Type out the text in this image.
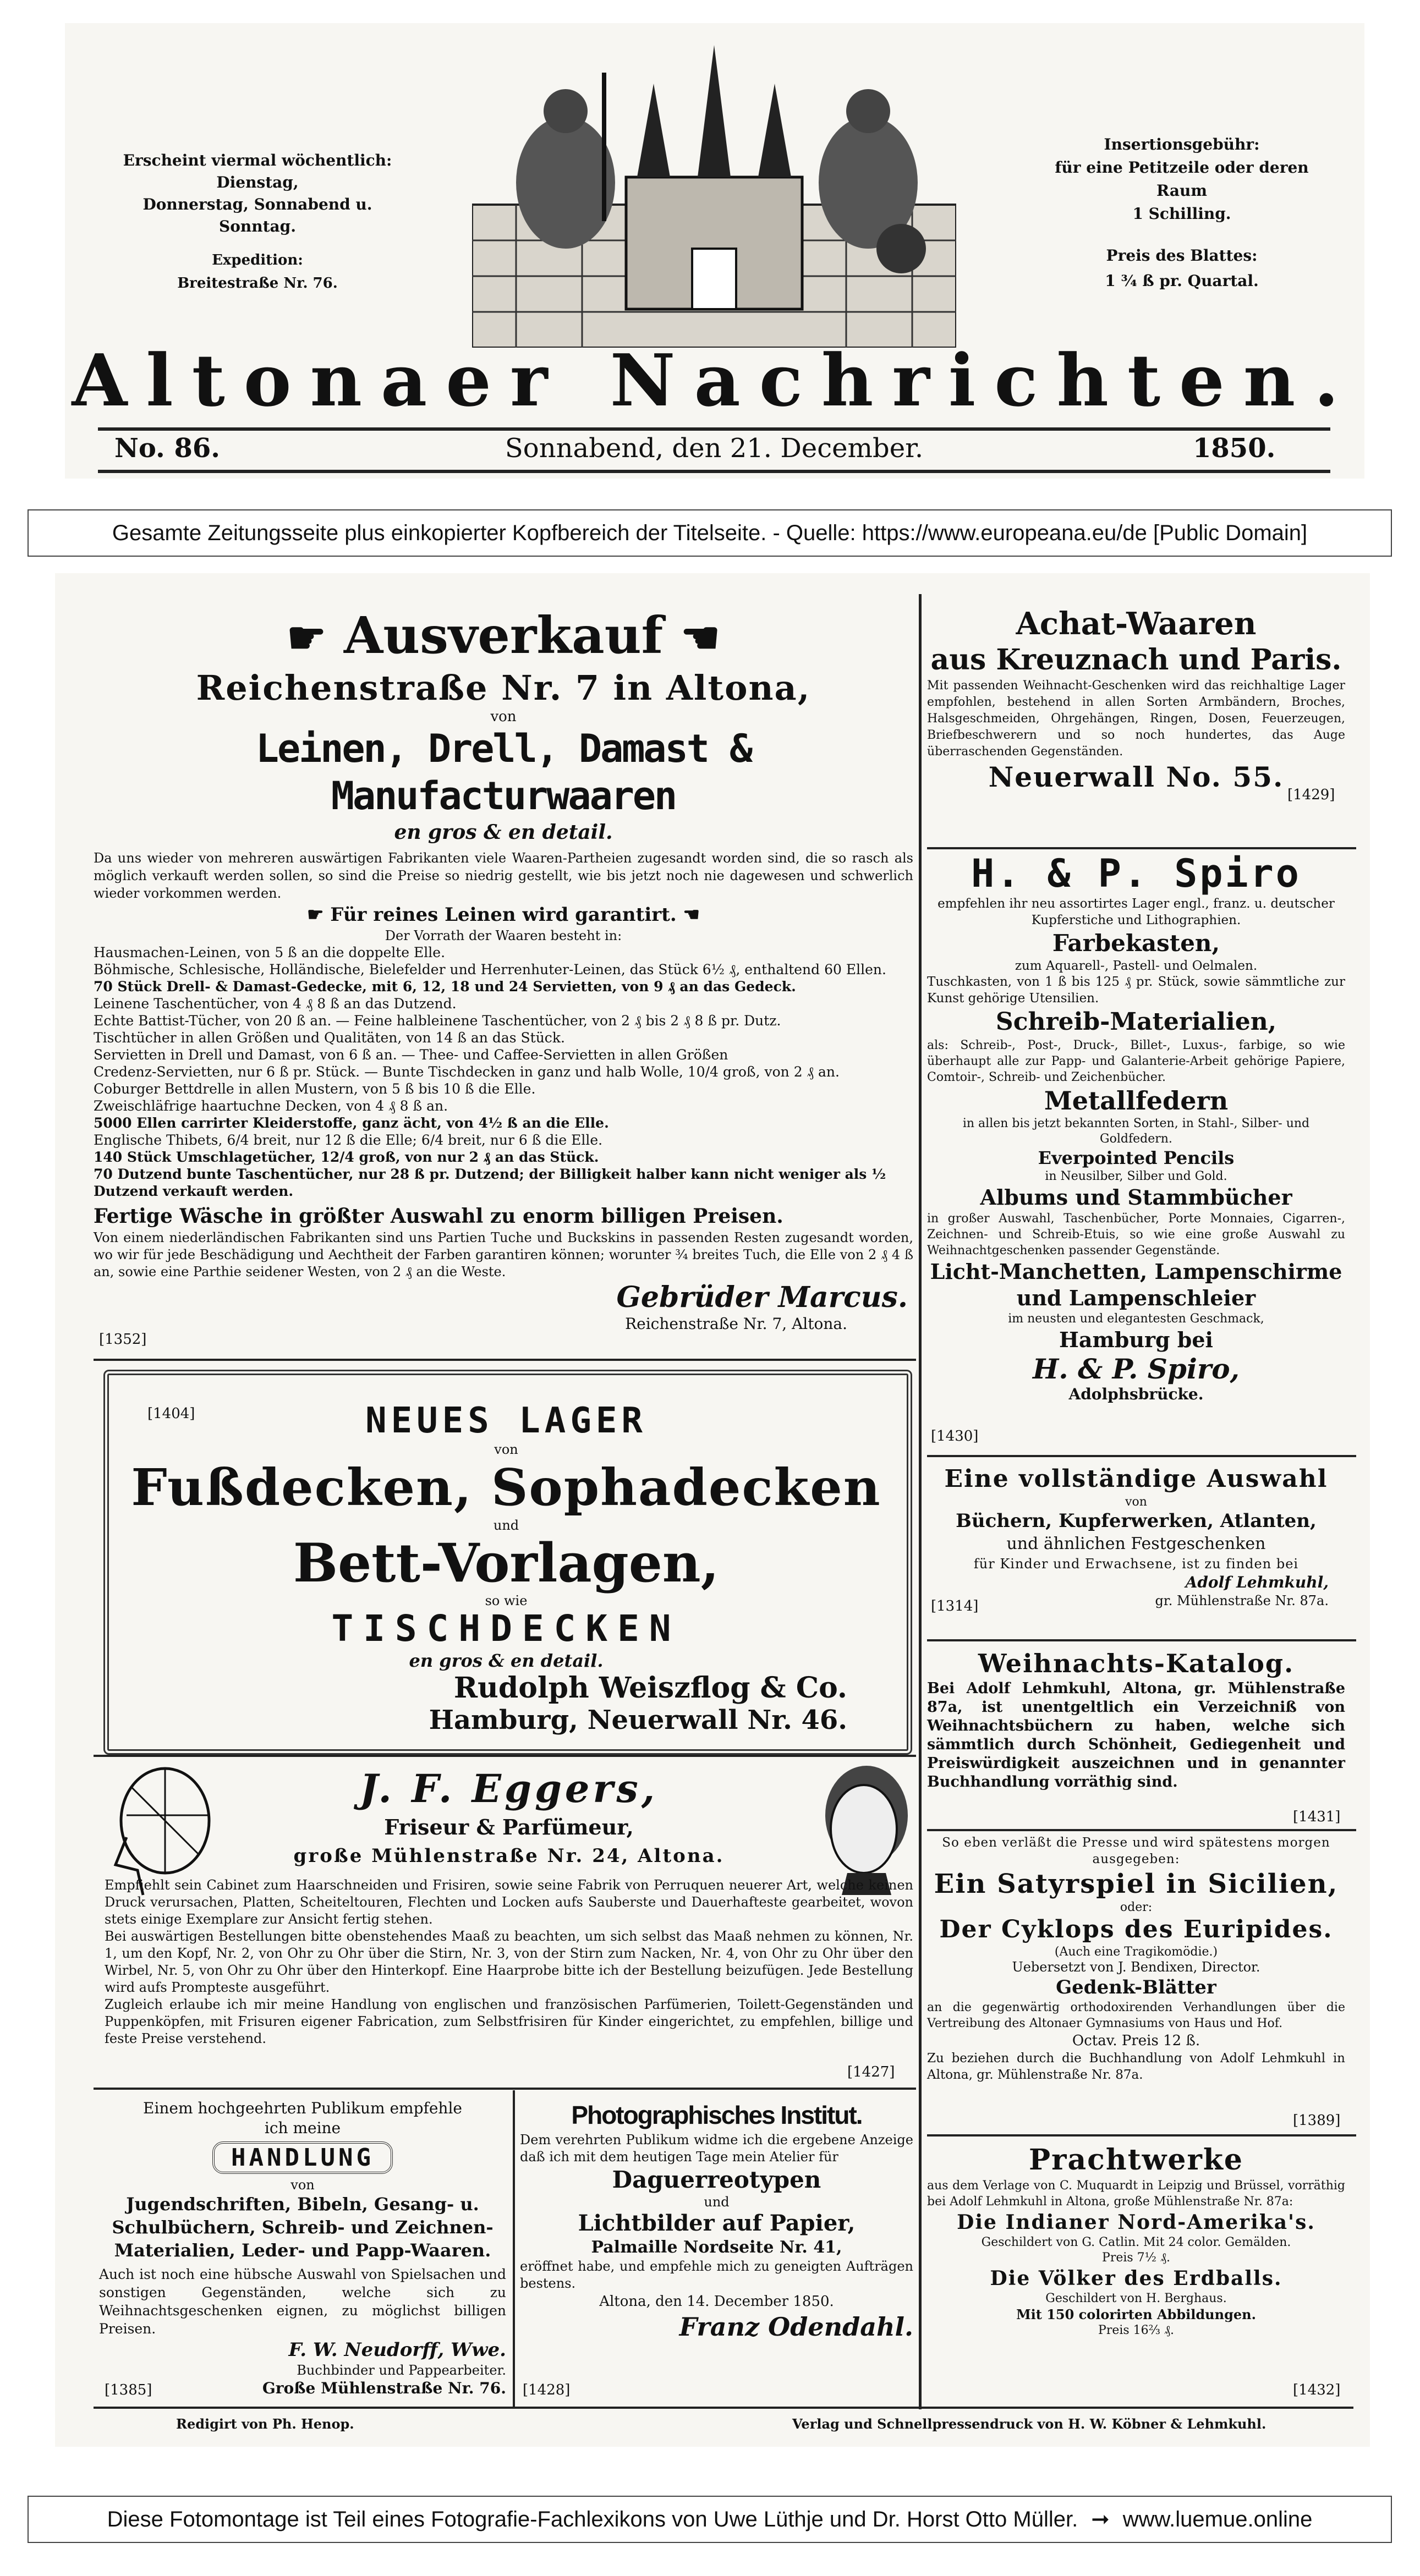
Erscheint viermal wöchentlich:
Dienstag,
Donnerstag, Sonnabend u. Sonntag.
Expedition:
Breitestraße Nr. 76.
Insertionsgebühr:
für eine Petitzeile oder deren Raum
1 Schilling.
Preis des Blattes:
1 ¾ ß pr. Quartal.
Altonaer Nachrichten.
No. 86.	Sonnabend, den 21. December.	1850.
Gesamte Zeitungsseite plus einkopierter Kopfbereich der Titelseite. - Quelle: https://www.europeana.eu/de [Public Domain]
☛ Ausverkauf ☚
Reichenstraße Nr. 7 in Altona,
von
Leinen, Drell, Damast & Manufacturwaaren
en gros & en detail.

Da uns wieder von mehreren auswärtigen Fabrikanten viele Waaren-Partheien zugesandt worden sind, die so rasch als möglich verkauft werden sollen, so sind die Preise so niedrig gestellt, wie bis jetzt noch nie dagewesen und schwerlich wieder vorkommen werden.

☛ Für reines Leinen wird garantirt. ☚
Der Vorrath der Waaren besteht in:
Hausmachen-Leinen, von 5 ß an die doppelte Elle.
Böhmische, Schlesische, Holländische, Bielefelder und Herrenhuter-Leinen, das Stück 6½ ₰, enthaltend 60 Ellen.
70 Stück Drell- & Damast-Gedecke, mit 6, 12, 18 und 24 Servietten, von 9 ₰ an das Gedeck.
Leinene Taschentücher, von 4 ₰ 8 ß an das Dutzend.
Echte Battist-Tücher, von 20 ß an. — Feine halbleinene Taschentücher, von 2 ₰ bis 2 ₰ 8 ß pr. Dutz.
Tischtücher in allen Größen und Qualitäten, von 14 ß an das Stück.
Servietten in Drell und Damast, von 6 ß an. — Thee- und Caffee-Servietten in allen Größen
Credenz-Servietten, nur 6 ß pr. Stück. — Bunte Tischdecken in ganz und halb Wolle, 10/4 groß, von 2 ₰ an.
Coburger Bettdrelle in allen Mustern, von 5 ß bis 10 ß die Elle.
Zweischläfrige haartuchne Decken, von 4 ₰ 8 ß an.
5000 Ellen carrirter Kleiderstoffe, ganz ächt, von 4½ ß an die Elle.
Englische Thibets, 6/4 breit, nur 12 ß die Elle; 6/4 breit, nur 6 ß die Elle.
140 Stück Umschlagetücher, 12/4 groß, von nur 2 ₰ an das Stück.
70 Dutzend bunte Taschentücher, nur 28 ß pr. Dutzend; der Billigkeit halber kann nicht weniger als ½ Dutzend verkauft werden.
Fertige Wäsche in größter Auswahl zu enorm billigen Preisen.

Von einem niederländischen Fabrikanten sind uns Partien Tuche und Buckskins in passenden Resten zugesandt worden, wo wir für jede Beschädigung und Aechtheit der Farben garantiren können; worunter ¾ breites Tuch, die Elle von 2 ₰ 4 ß an, sowie eine Parthie seidener Westen, von 2 ₰ an die Weste.

Gebrüder Marcus.
Reichenstraße Nr. 7, Altona.
[1352]
[1404]	NEUES LAGER
von
Fußdecken, Sophadecken
und
Bett-Vorlagen,
so wie
TISCHDECKEN
en gros & en detail.
Rudolph Weiszflog & Co.
Hamburg, Neuerwall Nr. 46.
J. F. Eggers,
Friseur & Parfümeur,
große Mühlenstraße Nr. 24, Altona.

Empfiehlt sein Cabinet zum Haarschneiden und Frisiren, sowie seine Fabrik von Perruquen neuerer Art, welche keinen Druck verursachen, Platten, Scheiteltouren, Flechten und Locken aufs Sauberste und Dauerhafteste gearbeitet, wovon stets einige Exemplare zur Ansicht fertig stehen.

Bei auswärtigen Bestellungen bitte obenstehendes Maaß zu beachten, um sich selbst das Maaß nehmen zu können, Nr. 1, um den Kopf, Nr. 2, von Ohr zu Ohr über die Stirn, Nr. 3, von der Stirn zum Nacken, Nr. 4, von Ohr zu Ohr über den Wirbel, Nr. 5, von Ohr zu Ohr über den Hinterkopf. Eine Haarprobe bitte ich der Bestellung beizufügen. Jede Bestellung wird aufs Prompteste ausgeführt.

Zugleich erlaube ich mir meine Handlung von englischen und französischen Parfümerien, Toilett-Gegenständen und Puppenköpfen, mit Frisuren eigener Fabrication, zum Selbstfrisiren für Kinder eingerichtet, zu empfehlen, billige und feste Preise verstehend.

[1427]

Einem hochgeehrten Publikum empfehle ich meine

HANDLUNG
von
Jugendschriften, Bibeln, Gesang- u. Schulbüchern, Schreib- und Zeichnen-Materialien, Leder- und Papp-Waaren.

Auch ist noch eine hübsche Auswahl von Spielsachen und sonstigen Gegenständen, welche sich zu Weihnachtsgeschenken eignen, zu möglichst billigen Preisen.

F. W. Neudorff, Wwe.
Buchbinder und Pappearbeiter.
Große Mühlenstraße Nr. 76.
[1385]
Photographisches Institut.

Dem verehrten Publikum widme ich die ergebene Anzeige daß ich mit dem heutigen Tage mein Atelier für

Daguerreotypen
und
Lichtbilder auf Papier,
Palmaille Nordseite Nr. 41,

eröffnet habe, und empfehle mich zu geneigten Aufträgen bestens.

Altona, den 14. December 1850.
Franz Odendahl.
[1428]
Achat-Waaren
aus Kreuznach und Paris.

Mit passenden Weihnacht-Geschenken wird das reichhaltige Lager empfohlen, bestehend in allen Sorten Armbändern, Broches, Halsgeschmeiden, Ohrgehängen, Ringen, Dosen, Feuerzeugen, Briefbeschwerern und so noch hundertes, das Auge überraschenden Gegenständen.

Neuerwall No. 55.
[1429]
H. & P. Spiro

empfehlen ihr neu assortirtes Lager engl., franz. u. deutscher Kupferstiche und Lithographien.

Farbekasten,
zum Aquarell-, Pastell- und Oelmalen.

Tuschkasten, von 1 ß bis 125 ₰ pr. Stück, sowie sämmtliche zur Kunst gehörige Utensilien.

Schreib-Materialien,

als: Schreib-, Post-, Druck-, Billet-, Luxus-, farbige, so wie überhaupt alle zur Papp- und Galanterie-Arbeit gehörige Papiere, Comtoir-, Schreib- und Zeichenbücher.

Metallfedern
in allen bis jetzt bekannten Sorten, in Stahl-, Silber- und Goldfedern.
Everpointed Pencils
in Neusilber, Silber und Gold.
Albums und Stammbücher

in großer Auswahl, Taschenbücher, Porte Monnaies, Cigarren-, Zeichnen- und Schreib-Etuis, so wie eine große Auswahl zu Weihnachtgeschenken passender Gegenstände.

Licht-Manchetten, Lampenschirme und Lampenschleier
im neusten und elegantesten Geschmack,
Hamburg bei
H. & P. Spiro,
Adolphsbrücke.
[1430]
Eine vollständige Auswahl
von
Büchern, Kupferwerken, Atlanten,
und ähnlichen Festgeschenken
für Kinder und Erwachsene, ist zu finden bei
Adolf Lehmkuhl,
gr. Mühlenstraße Nr. 87a.
[1314]
Weihnachts-Katalog.

Bei Adolf Lehmkuhl, Altona, gr. Mühlenstraße 87a, ist unentgeltlich ein Verzeichniß von Weihnachtsbüchern zu haben, welche sich sämmtlich durch Schönheit, Gediegenheit und Preiswürdigkeit auszeichnen und in genannter Buchhandlung vorräthig sind.

[1431]

So eben verläßt die Presse und wird spätestens morgen ausgegeben:

Ein Satyrspiel in Sicilien,
oder:
Der Cyklops des Euripides.
(Auch eine Tragikomödie.)
Uebersetzt von J. Bendixen, Director.
Gedenk-Blätter

an die gegenwärtig orthodoxirenden Verhandlungen über die Vertreibung des Altonaer Gymnasiums von Haus und Hof.

Octav. Preis 12 ß.

Zu beziehen durch die Buchhandlung von Adolf Lehmkuhl in Altona, gr. Mühlenstraße Nr. 87a.

[1389]
Prachtwerke

aus dem Verlage von C. Muquardt in Leipzig und Brüssel, vorräthig bei Adolf Lehmkuhl in Altona, große Mühlenstraße Nr. 87a:

Die Indianer Nord-Amerika's.
Geschildert von G. Catlin. Mit 24 color. Gemälden.
Preis 7½ ₰.
Die Völker des Erdballs.
Geschildert von H. Berghaus.
Mit 150 colorirten Abbildungen.
Preis 16⅔ ₰.
[1432]
Redigirt von Ph. Henop.	Verlag und Schnellpressendruck von H. W. Köbner & Lehmkuhl.
Diese Fotomontage ist Teil eines Fotografie-Fachlexikons von Uwe Lüthje und Dr. Horst Otto Müller. ➞ www.luemue.online
